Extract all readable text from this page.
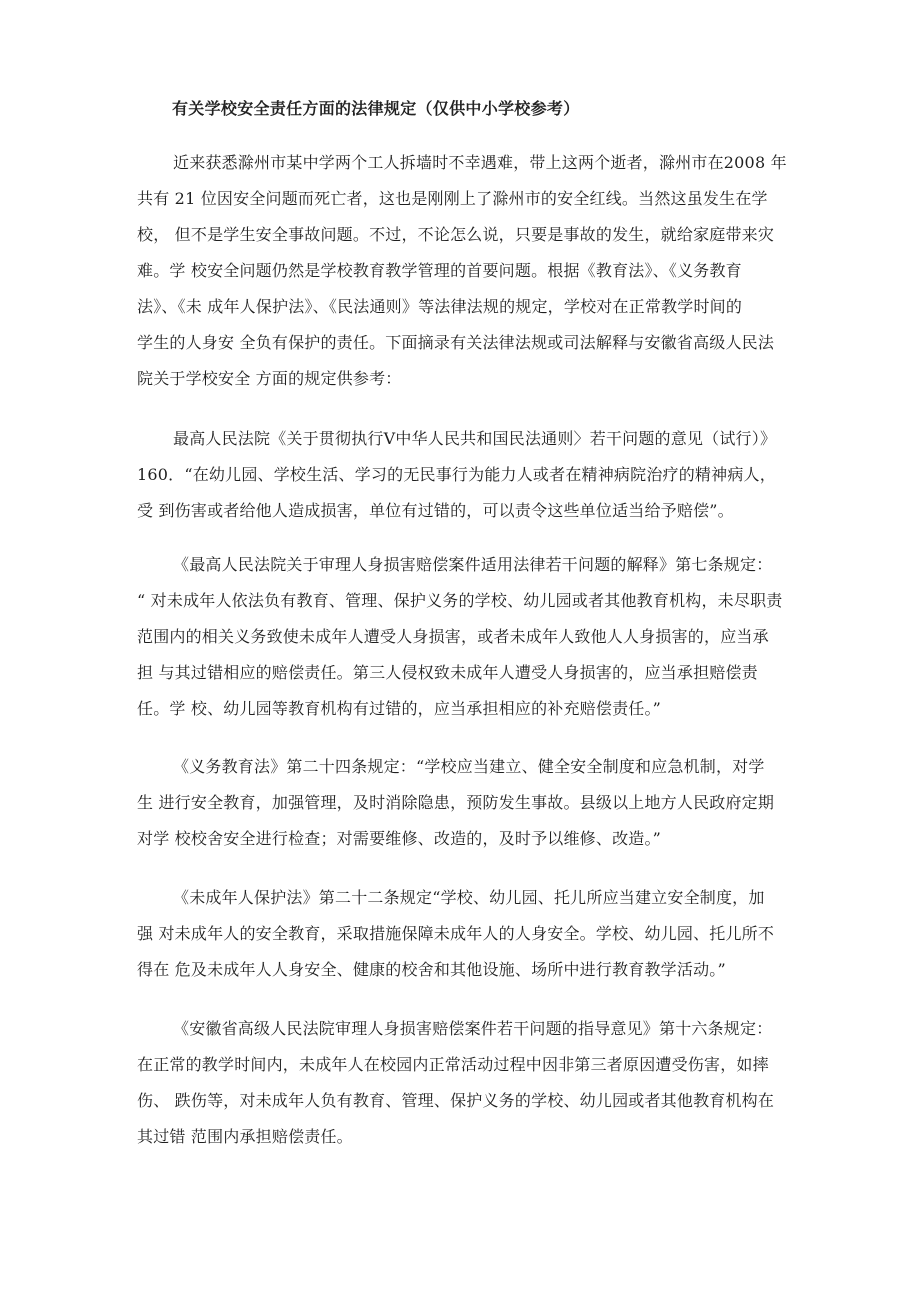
有关学校安全责任方面的法律规定（仅供中小学校参考）
近来获悉滁州市某中学两个工人拆墙时不幸遇难，带上这两个逝者，滁州市在2008 年
共有 21 位因安全问题而死亡者，这也是刚刚上了滁州市的安全红线。当然这虽发生在学
校， 但不是学生安全事故问题。不过，不论怎么说，只要是事故的发生，就给家庭带来灾
难。学 校安全问题仍然是学校教育教学管理的首要问题。根据《教育法》、《义务教育
法》、《未 成年人保护法》、《民法通则》等法律法规的规定，学校对在正常教学时间的
学生的人身安 全负有保护的责任。下面摘录有关法律法规或司法解释与安徽省高级人民法
院关于学校安全 方面的规定供参考：
最高人民法院《关于贯彻执行V中华人民共和国民法通则〉若干问题的意见（试行）》
160．“在幼儿园、学校生活、学习的无民事行为能力人或者在精神病院治疗的精神病人，
受 到伤害或者给他人造成损害，单位有过错的，可以责令这些单位适当给予赔偿”。
《最高人民法院关于审理人身损害赔偿案件适用法律若干问题的解释》第七条规定：
“ 对未成年人依法负有教育、管理、保护义务的学校、幼儿园或者其他教育机构，未尽职责
范围内的相关义务致使未成年人遭受人身损害，或者未成年人致他人人身损害的，应当承
担 与其过错相应的赔偿责任。第三人侵权致未成年人遭受人身损害的，应当承担赔偿责
任。学 校、幼儿园等教育机构有过错的，应当承担相应的补充赔偿责任。”
《义务教育法》第二十四条规定：“学校应当建立、健全安全制度和应急机制，对学
生 进行安全教育，加强管理，及时消除隐患，预防发生事故。县级以上地方人民政府定期
对学 校校舍安全进行检查；对需要维修、改造的，及时予以维修、改造。”
《未成年人保护法》第二十二条规定“学校、幼儿园、托儿所应当建立安全制度，加
强 对未成年人的安全教育，采取措施保障未成年人的人身安全。学校、幼儿园、托儿所不
得在 危及未成年人人身安全、健康的校舍和其他设施、场所中进行教育教学活动。”
《安徽省高级人民法院审理人身损害赔偿案件若干问题的指导意见》第十六条规定：
在正常的教学时间内，未成年人在校园内正常活动过程中因非第三者原因遭受伤害，如摔
伤、 跌伤等，对未成年人负有教育、管理、保护义务的学校、幼儿园或者其他教育机构在
其过错 范围内承担赔偿责任。
